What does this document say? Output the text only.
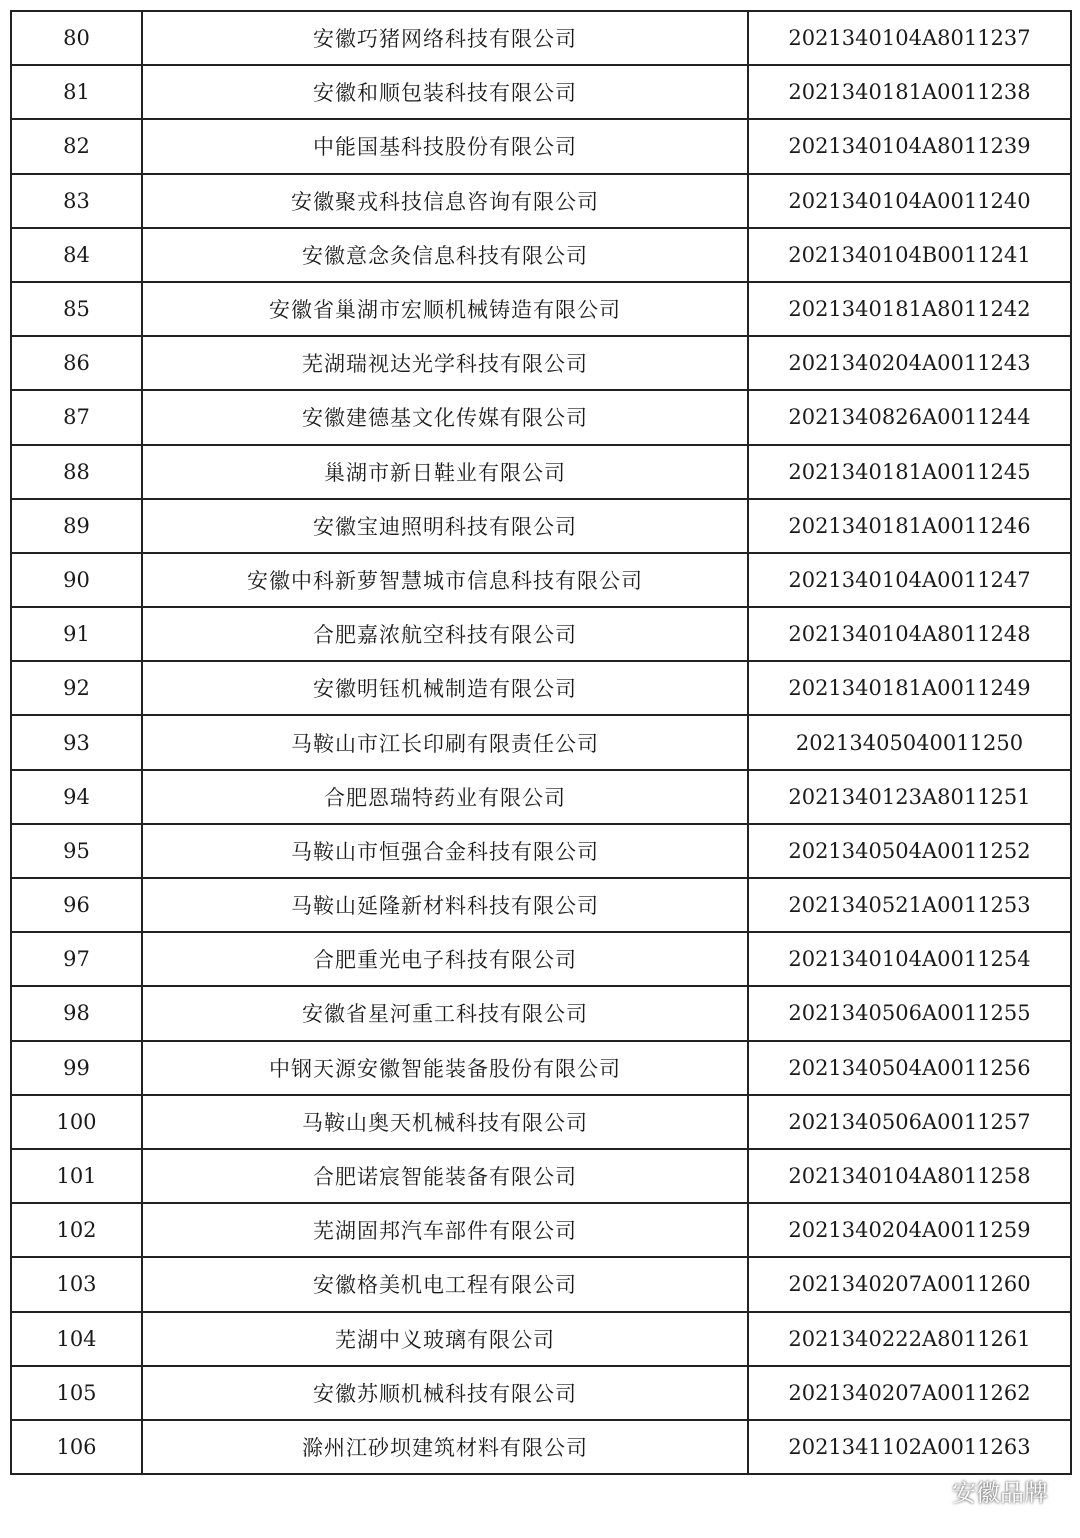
80	安徽巧猪网络科技有限公司	2021340104A8011237
81	安徽和顺包装科技有限公司	2021340181A0011238
82	中能国基科技股份有限公司	2021340104A8011239
83	安徽聚戎科技信息咨询有限公司	2021340104A0011240
84	安徽意念灸信息科技有限公司	2021340104B0011241
85	安徽省巢湖市宏顺机械铸造有限公司	2021340181A8011242
86	芜湖瑞视达光学科技有限公司	2021340204A0011243
87	安徽建德基文化传媒有限公司	2021340826A0011244
88	巢湖市新日鞋业有限公司	2021340181A0011245
89	安徽宝迪照明科技有限公司	2021340181A0011246
90	安徽中科新萝智慧城市信息科技有限公司	2021340104A0011247
91	合肥嘉浓航空科技有限公司	2021340104A8011248
92	安徽明钰机械制造有限公司	2021340181A0011249
93	马鞍山市江长印刷有限责任公司	20213405040011250
94	合肥恩瑞特药业有限公司	2021340123A8011251
95	马鞍山市恒强合金科技有限公司	2021340504A0011252
96	马鞍山延隆新材料科技有限公司	2021340521A0011253
97	合肥重光电子科技有限公司	2021340104A0011254
98	安徽省星河重工科技有限公司	2021340506A0011255
99	中钢天源安徽智能装备股份有限公司	2021340504A0011256
100	马鞍山奥天机械科技有限公司	2021340506A0011257
101	合肥诺宸智能装备有限公司	2021340104A8011258
102	芜湖固邦汽车部件有限公司	2021340204A0011259
103	安徽格美机电工程有限公司	2021340207A0011260
104	芜湖中义玻璃有限公司	2021340222A8011261
105	安徽苏顺机械科技有限公司	2021340207A0011262
106	滁州江砂坝建筑材料有限公司	2021341102A0011263
安徽品牌
